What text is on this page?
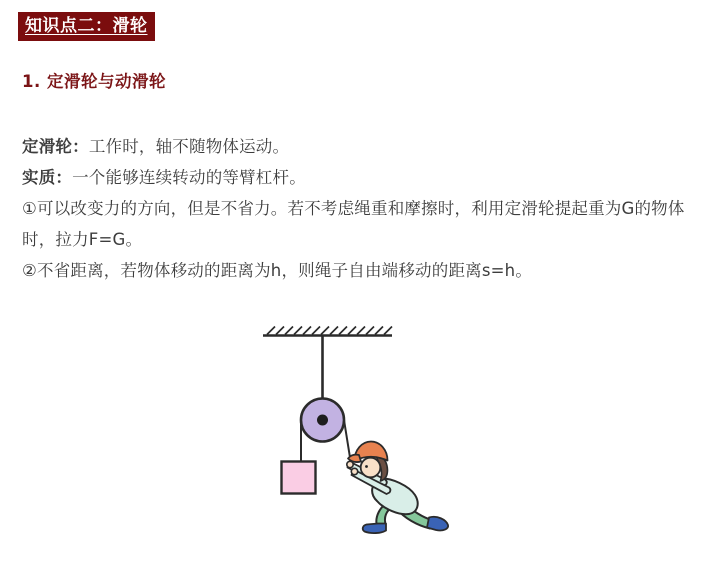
知识点二：滑轮
1. 定滑轮与动滑轮

定滑轮：工作时，轴不随物体运动。

实质：一个能够连续转动的等臂杠杆。

①可以改变力的方向，但是不省力。若不考虑绳重和摩擦时，利用定滑轮提起重为G的物体时，拉力F=G。

②不省距离，若物体移动的距离为h，则绳子自由端移动的距离s=h。
